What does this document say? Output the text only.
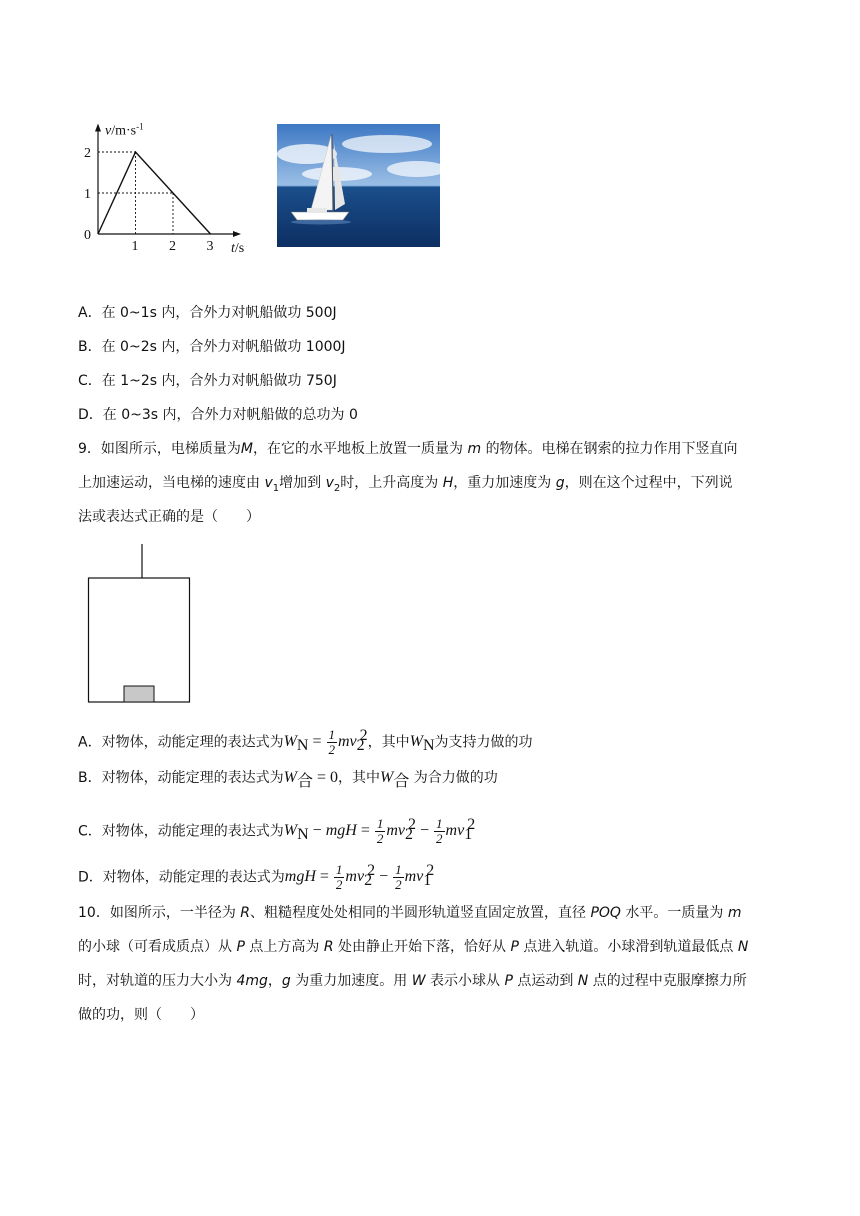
0
1 2 3
2
1
$v/m\cdot s^{-1}$
t/s
A．在 0~1s 内，合外力对帆船做功 500J
B．在 0~2s 内，合外力对帆船做功 1000J
C．在 1~2s 内，合外力对帆船做功 750J
D．在 0~3s 内，合外力对帆船做的总功为 0
9．如图所示，电梯质量为M，在它的水平地板上放置一质量为 m 的物体。电梯在钢索的拉力作用下竖直向
上加速运动，当电梯的速度由 $v_1$增加到 $v_2$时，上升高度为 H，重力加速度为 g，则在这个过程中，下列说
法或表达式正确的是（　　）
A．对物体，动能定理的表达式为$W_N = \frac{1}{2} mv_2^2$，其中$W_N$为支持力做的功
B．对物体，动能定理的表达式为$W_合 = 0$，其中$W_合$ 为合力做的功
C．对物体，动能定理的表达式为$W_N$ − mgH = $\frac{1}{2} mv_2^2 - \frac{1}{2} mv_1^2$
D．对物体，动能定理的表达式为mgH = $\frac{1}{2} mv_2^2 - \frac{1}{2} mv_1^2$
10．如图所示，一半径为 R、粗糙程度处处相同的半圆形轨道竖直固定放置，直径 POQ 水平。一质量为 m
的小球（可看成质点）从 P 点上方高为 R 处由静止开始下落，恰好从 P 点进入轨道。小球滑到轨道最低点 N
时，对轨道的压力大小为 4mg，g 为重力加速度。用 W 表示小球从 P 点运动到 N 点的过程中克服摩擦力所
做的功，则（　　）
